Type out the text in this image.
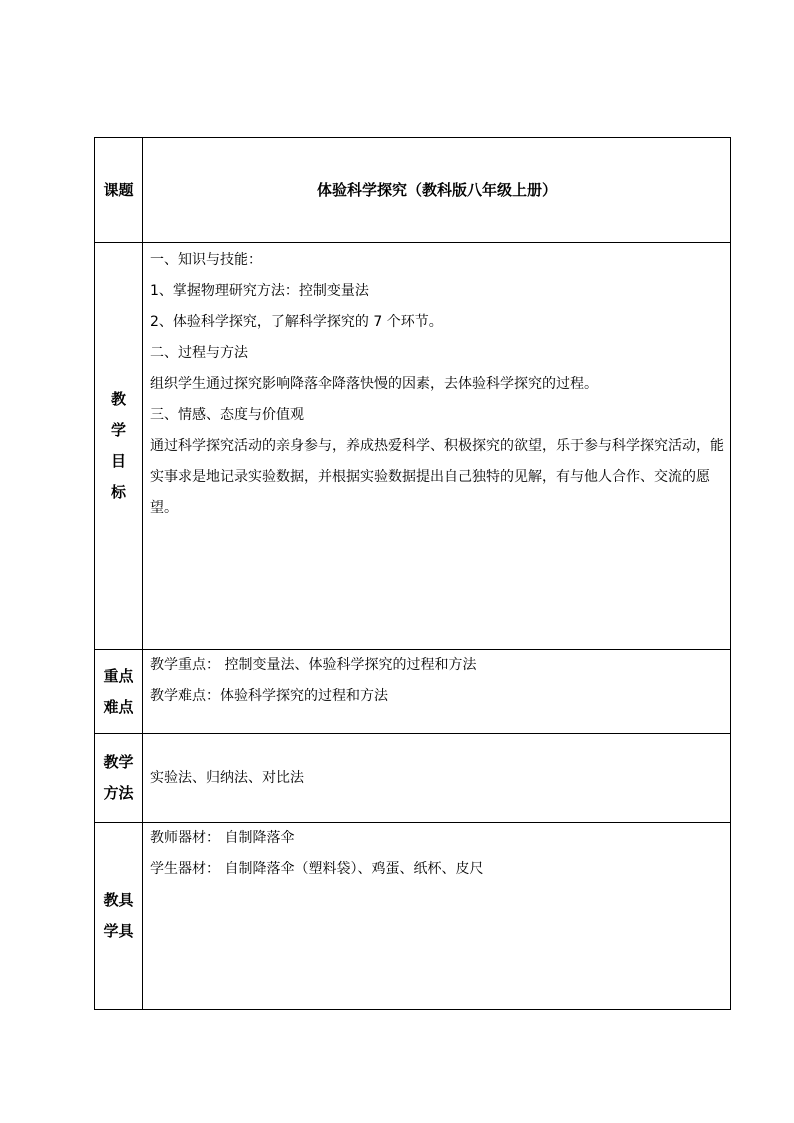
课题	体验科学探究（教科版八年级上册）
教
学
目
标
一、知识与技能：
1、掌握物理研究方法：控制变量法
2、体验科学探究，了解科学探究的 7 个环节。
二、过程与方法
组织学生通过探究影响降落伞降落快慢的因素，去体验科学探究的过程。
三、情感、态度与价值观
通过科学探究活动的亲身参与，养成热爱科学、积极探究的欲望，乐于参与科学探究活动，能实事求是地记录实验数据，并根据实验数据提出自己独特的见解，有与他人合作、交流的愿望。
重点
难点
教学重点： 控制变量法、体验科学探究的过程和方法
教学难点：体验科学探究的过程和方法
教学
方法
实验法、归纳法、对比法
教具
学具
教师器材： 自制降落伞
学生器材： 自制降落伞（塑料袋）、鸡蛋、纸杯、皮尺
